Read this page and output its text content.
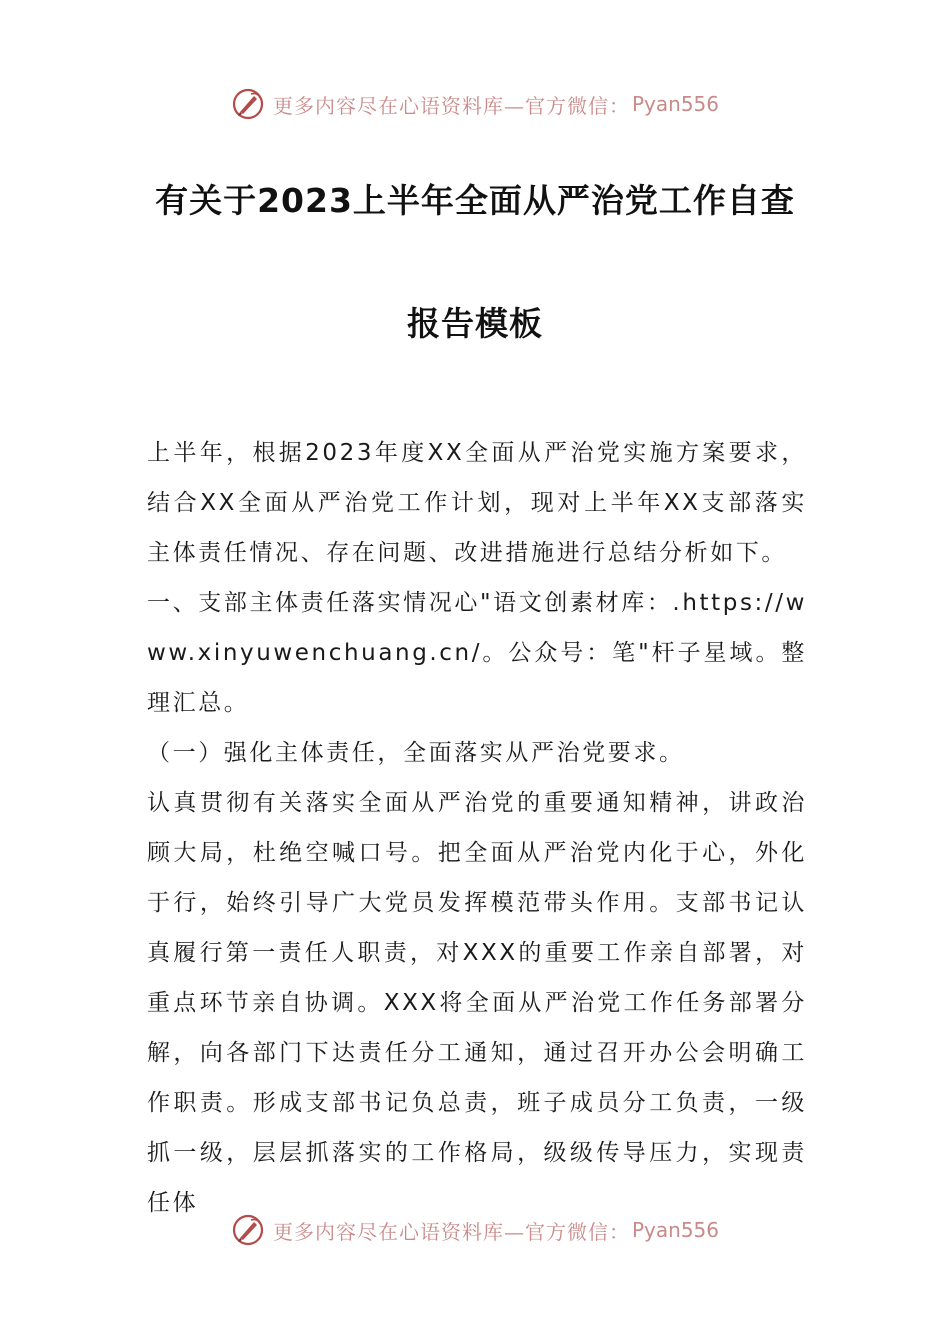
更多内容尽在心语资料库—官方微信： Pyan556
有关于2023上半年全面从严治党工作自查
报告模板

上半年，根据2023年度XX全面从严治党实施方案要求，结合XX全面从严治党工作计划，现对上半年XX支部落实主体责任情况、存在问题、改进措施进行总结分析如下。

一、支部主体责任落实情况心"语文创素材库：.https://www.xinyuwenchuang.cn/。公众号：笔"杆子星域。整理汇总。

（一）强化主体责任，全面落实从严治党要求。

认真贯彻有关落实全面从严治党的重要通知精神，讲政治顾大局，杜绝空喊口号。把全面从严治党内化于心，外化于行，始终引导广大党员发挥模范带头作用。支部书记认真履行第一责任人职责，对XXX的重要工作亲自部署，对重点环节亲自协调。XXX将全面从严治党工作任务部署分解，向各部门下达责任分工通知，通过召开办公会明确工作职责。形成支部书记负总责，班子成员分工负责，一级抓一级，层层抓落实的工作格局，级级传导压力，实现责任体

更多内容尽在心语资料库—官方微信： Pyan556
